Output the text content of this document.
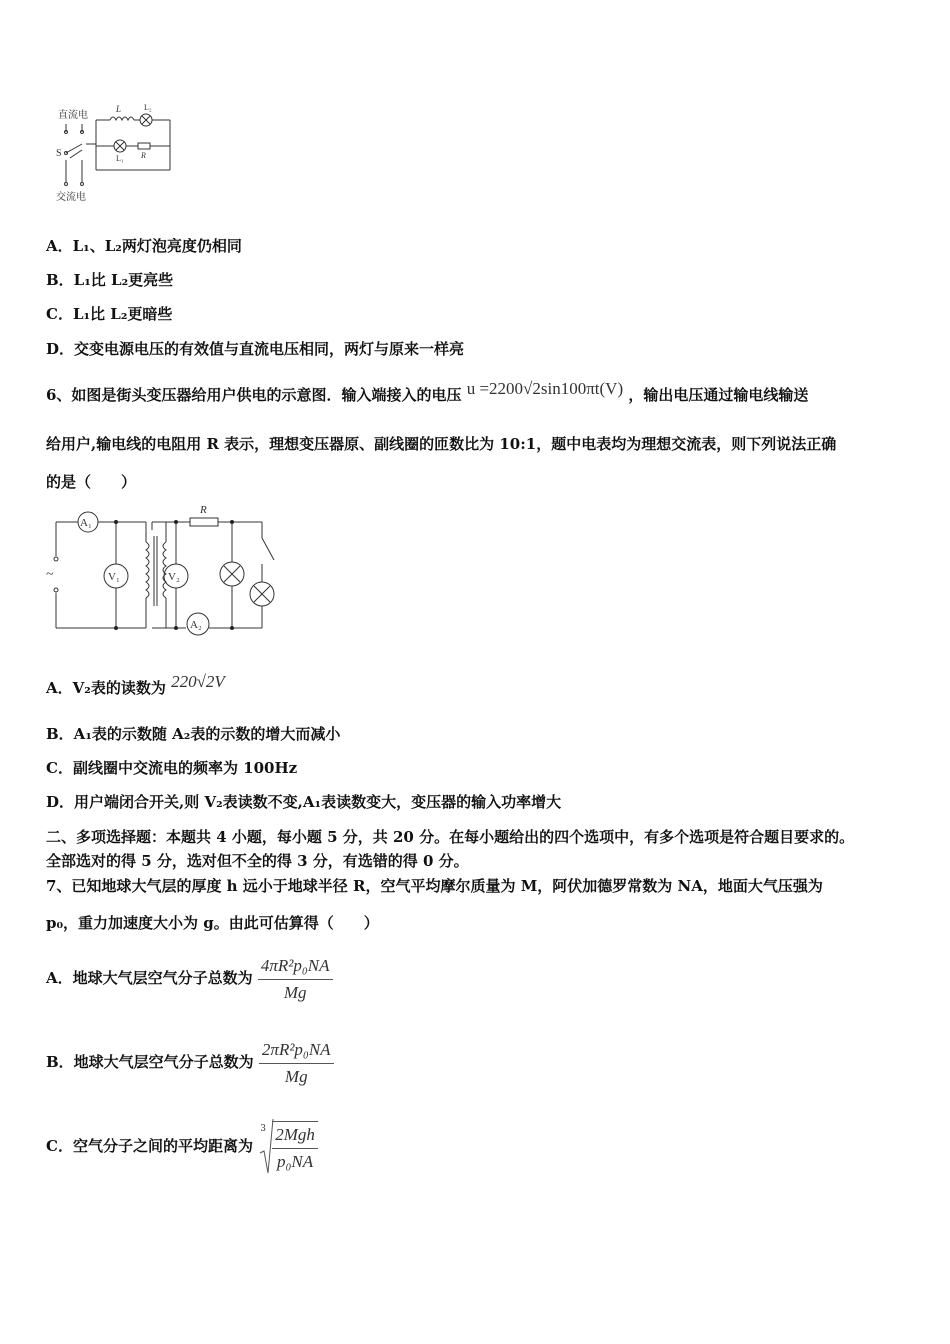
直流电
交流电
L	L₂
L₁ R
S
A．L₁、L₂两灯泡亮度仍相同
B．L₁比 L₂更亮些
C．L₁比 L₂更暗些
D．交变电源电压的有效值与直流电压相同，两灯与原来一样亮
6、如图是街头变压器给用户供电的示意图．输入端接入的电压 u =2200√2sin100πt(V) ，输出电压通过输电线输送
给用户,输电线的电阻用 R 表示，理想变压器原、副线圈的匝数比为 10:1，题中电表均为理想交流表，则下列说法正确
的是（　　）
A₁
V₁	V₂
A₂
R
~
A．V₂表的读数为 220√2V
B．A₁表的示数随 A₂表的示数的增大而减小
C．副线圈中交流电的频率为 100Hz
D．用户端闭合开关,则 V₂表读数不变,A₁表读数变大，变压器的输入功率增大
二、多项选择题：本题共 4 小题，每小题 5 分，共 20 分。在每小题给出的四个选项中，有多个选项是符合题目要求的。
全部选对的得 5 分，选对但不全的得 3 分，有选错的得 0 分。
7、已知地球大气层的厚度 h 远小于地球半径 R，空气平均摩尔质量为 M，阿伏加德罗常数为 NA，地面大气压强为
p₀，重力加速度大小为 g。由此可估算得（　　）
A．地球大气层空气分子总数为 $\frac{\text{4πR²p₀NA}}{Mg}$
B．地球大气层空气分子总数为 $\frac{\text{2πR²p₀NA}}{Mg}$
C．空气分子之间的平均距离为
$3 \frac{\text{2Mgh}}{\text{p₀NA}}$
